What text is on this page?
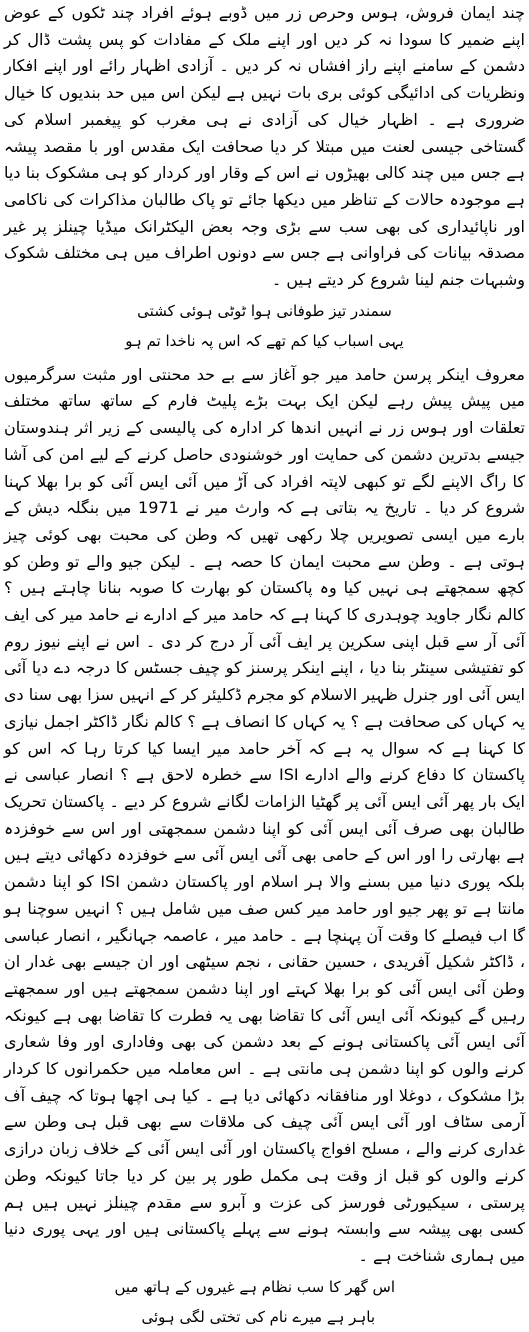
چند ایمان فروش، ہوس وحرص زر میں ڈوبے ہوئے افراد چند ٹکوں کے عوض اپنے ضمیر کا سودا نہ کر دیں اور اپنے ملک کے مفادات کو پس پشت ڈال کر دشمن کے سامنے اپنے راز افشاں نہ کر دیں ۔ آزادی اظہار رائے اور اپنے افکار ونظریات کی ادائیگی کوئی بری بات نہیں ہے لیکن اس میں حد بندیوں کا خیال ضروری ہے ۔ اظہار خیال کی آزادی نے ہی مغرب کو پیغمبر اسلام کی گستاخی جیسی لعنت میں مبتلا کر دیا صحافت ایک مقدس اور با مقصد پیشہ ہے جس میں چند کالی بھیڑوں نے اس کے وقار اور کردار کو ہی مشکوک بنا دیا ہے موجودہ حالات کے تناظر میں دیکھا جائے تو پاک طالبان مذاکرات کی ناکامی اور ناپائیداری کی بھی سب سے بڑی وجہ بعض الیکٹرانک میڈیا چینلز پر غیر مصدقہ بیانات کی فراوانی ہے جس سے دونوں اطراف میں ہی مختلف شکوک وشبہات جنم لینا شروع کر دیتے ہیں ۔

سمندر تیز طوفانی ہوا ٹوٹی ہوئی کشتی
یہی اسباب کیا کم تھے کہ اس پہ ناخدا تم ہو

معروف اینکر پرسن حامد میر جو آغاز سے بے حد محنتی اور مثبت سرگرمیوں میں پیش پیش رہے لیکن ایک بہت بڑے پلیٹ فارم کے ساتھ ساتھ مختلف تعلقات اور ہوس زر نے انہیں اندھا کر ادارہ کی پالیسی کے زیر اثر ہندوستان جیسے بدترین دشمن کی حمایت اور خوشنودی حاصل کرنے کے لیے امن کی آشا کا راگ الاپنے لگے تو کبھی لاپتہ افراد کی آڑ میں آئی ایس آئی کو برا بھلا کہنا شروع کر دیا ۔ تاریخ یہ بتاتی ہے کہ وارث میر نے 1971 میں بنگلہ دیش کے بارے میں ایسی تصویریں چلا رکھی تھیں کہ وطن کی محبت بھی کوئی چیز ہوتی ہے ۔ وطن سے محبت ایمان کا حصہ ہے ۔ لیکن جیو والے تو وطن کو کچھ سمجھتے ہی نہیں کیا وہ پاکستان کو بھارت کا صوبہ بنانا چاہتے ہیں ؟ کالم نگار جاوید چوہدری کا کہنا ہے کہ حامد میر کے ادارے نے حامد میر کی ایف آئی آر سے قبل اپنی سکرین پر ایف آئی آر درج کر دی ۔ اس نے اپنے نیوز روم کو تفتیشی سینٹر بنا دیا ، اپنے اینکر پرسنز کو چیف جسٹس کا درجہ دے دیا آئی ایس آئی اور جنرل ظہیر الاسلام کو مجرم ڈکلیئر کر کے انہیں سزا بھی سنا دی یہ کہاں کی صحافت ہے ؟ یہ کہاں کا انصاف ہے ؟ کالم نگار ڈاکٹر اجمل نیازی کا کہنا ہے کہ سوال یہ ہے کہ آخر حامد میر ایسا کیا کرتا رہا کہ اس کو پاکستان کا دفاع کرنے والے ادارے ISI سے خطرہ لاحق ہے ؟ انصار عباسی نے ایک بار پھر آئی ایس آئی پر گھٹیا الزامات لگانے شروع کر دیے ۔ پاکستان تحریک طالبان بھی صرف آئی ایس آئی کو اپنا دشمن سمجھتی اور اس سے خوفزدہ ہے بھارتی را اور اس کے حامی بھی آئی ایس آئی سے خوفزدہ دکھائی دیتے ہیں بلکہ پوری دنیا میں بسنے والا ہر اسلام اور پاکستان دشمن ISI کو اپنا دشمن مانتا ہے تو پھر جیو اور حامد میر کس صف میں شامل ہیں ؟ انہیں سوچنا ہو گا اب فیصلے کا وقت آن پہنچا ہے ۔ حامد میر ، عاصمہ جہانگیر ، انصار عباسی ، ڈاکٹر شکیل آفریدی ، حسین حقانی ، نجم سیٹھی اور ان جیسے بھی غدار ان وطن آئی ایس آئی کو برا بھلا کہتے اور اپنا دشمن سمجھتے ہیں اور سمجھتے رہیں گے کیونکہ آئی ایس آئی کا تقاضا بھی یہ فطرت کا تقاضا بھی ہے کیونکہ آئی ایس آئی پاکستانی ہونے کے بعد دشمن کی بھی وفاداری اور وفا شعاری کرنے والوں کو اپنا دشمن ہی مانتی ہے ۔ اس معاملہ میں حکمرانوں کا کردار بڑا مشکوک ، دوغلا اور منافقانہ دکھائی دیا ہے ۔ کیا ہی اچھا ہوتا کہ چیف آف آرمی سٹاف اور آئی ایس آئی چیف کی ملاقات سے بھی قبل ہی وطن سے غداری کرنے والے ، مسلح افواج پاکستان اور آئی ایس آئی کے خلاف زبان درازی کرنے والوں کو قبل از وقت ہی مکمل طور پر بین کر دیا جاتا کیونکہ وطن پرستی ، سیکیورٹی فورسز کی عزت و آبرو سے مقدم چینلز نہیں ہیں ہم کسی بھی پیشہ سے وابستہ ہونے سے پہلے پاکستانی ہیں اور یہی پوری دنیا میں ہماری شناخت ہے ۔

اس گھر کا سب نظام ہے غیروں کے ہاتھ میں
باہر ہے میرے نام کی تختی لگی ہوئی
